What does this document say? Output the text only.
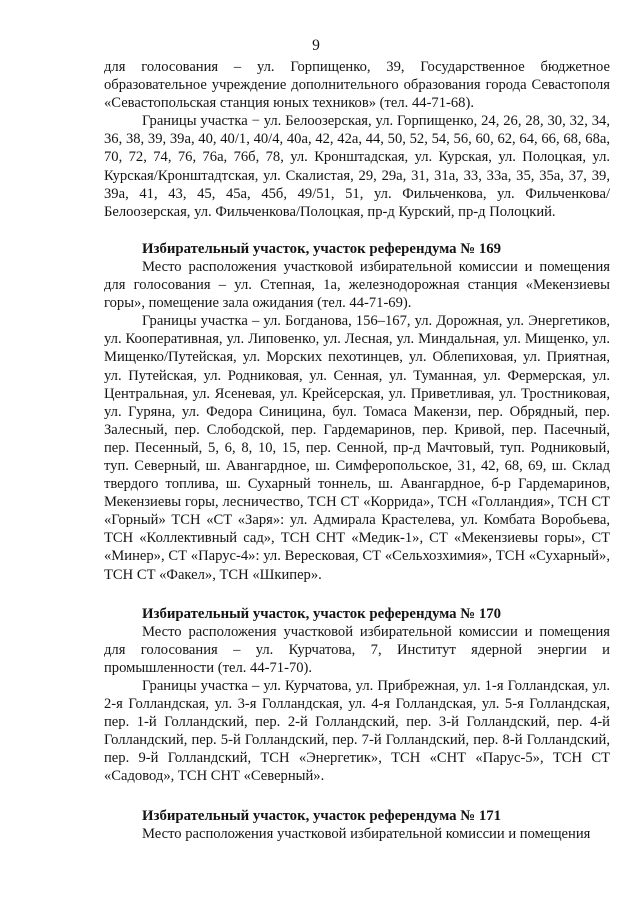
9

для голосования – ул. Горпищенко, 39, Государственное бюджетное образовательное учреждение дополнительного образования города Севастополя «Севастопольская станция юных техников» (тел. 44-71-68).

Границы участка − ул. Белоозерская, ул. Горпищенко, 24, 26, 28, 30, 32, 34, 36, 38, 39, 39а, 40, 40/1, 40/4, 40а, 42, 42а, 44, 50, 52, 54, 56, 60, 62, 64, 66, 68, 68а, 70, 72, 74, 76, 76а, 76б, 78, ул. Кронштадская, ул. Курская, ул. Полоцкая, ул. Курская/Кронштадтская, ул. Скалистая, 29, 29а, 31, 31а, 33, 33а, 35, 35а, 37, 39, 39а, 41, 43, 45, 45а, 45б, 49/51, 51, ул. Фильченкова, ул. Фильченкова/Белоозерская, ул. Фильченкова/Полоцкая, пр-д Курский, пр-д Полоцкий.

Избирательный участок, участок референдума № 169

Место расположения участковой избирательной комиссии и помещения для голосования – ул. Степная, 1а, железнодорожная станция «Мекензиевы горы», помещение зала ожидания (тел. 44-71-69).

Границы участка – ул. Богданова, 156–167, ул. Дорожная, ул. Энергетиков, ул. Кооперативная, ул. Липовенко, ул. Лесная, ул. Миндальная, ул. Мищенко, ул. Мищенко/Путейская, ул. Морских пехотинцев, ул. Облепиховая, ул. Приятная, ул. Путейская, ул. Родниковая, ул. Сенная, ул. Туманная, ул. Фермерская, ул. Центральная, ул. Ясеневая, ул. Крейсерская, ул. Приветливая, ул. Тростниковая, ул. Гуряна, ул. Федора Синицина, бул. Томаса Макензи, пер. Обрядный, пер. Залесный, пер. Слободской, пер. Гардемаринов, пер. Кривой, пер. Пасечный, пер. Песенный, 5, 6, 8, 10, 15, пер. Сенной, пр-д Мачтовый, туп. Родниковый, туп. Северный, ш. Авангардное, ш. Симферопольское, 31, 42, 68, 69, ш. Склад твердого топлива, ш. Сухарный тоннель, ш. Авангардное, б-р Гардемаринов, Мекензиевы горы, лесничество, ТСН СТ «Коррида», ТСН «Голландия», ТСН СТ «Горный» ТСН «СТ «Заря»: ул. Адмирала Крастелева, ул. Комбата Воробьева, ТСН «Коллективный сад», ТСН СНТ «Медик-1», СТ «Мекензиевы горы», СТ «Минер», СТ «Парус-4»: ул. Вересковая, СТ «Сельхозхимия», ТСН «Сухарный», ТСН СТ «Факел», ТСН «Шкипер».

Избирательный участок, участок референдума № 170

Место расположения участковой избирательной комиссии и помещения для голосования – ул. Курчатова, 7, Институт ядерной энергии и промышленности (тел. 44-71-70).

Границы участка – ул. Курчатова, ул. Прибрежная, ул. 1-я Голландская, ул. 2-я Голландская, ул. 3-я Голландская, ул. 4-я Голландская, ул. 5-я Голландская, пер. 1-й Голландский, пер. 2-й Голландский, пер. 3-й Голландский, пер. 4-й Голландский, пер. 5-й Голландский, пер. 7-й Голландский, пер. 8-й Голландский, пер. 9-й Голландский, ТСН «Энергетик», ТСН «СНТ «Парус-5», ТСН СТ «Садовод», ТСН СНТ «Северный».

Избирательный участок, участок референдума № 171

Место расположения участковой избирательной комиссии и помещения
